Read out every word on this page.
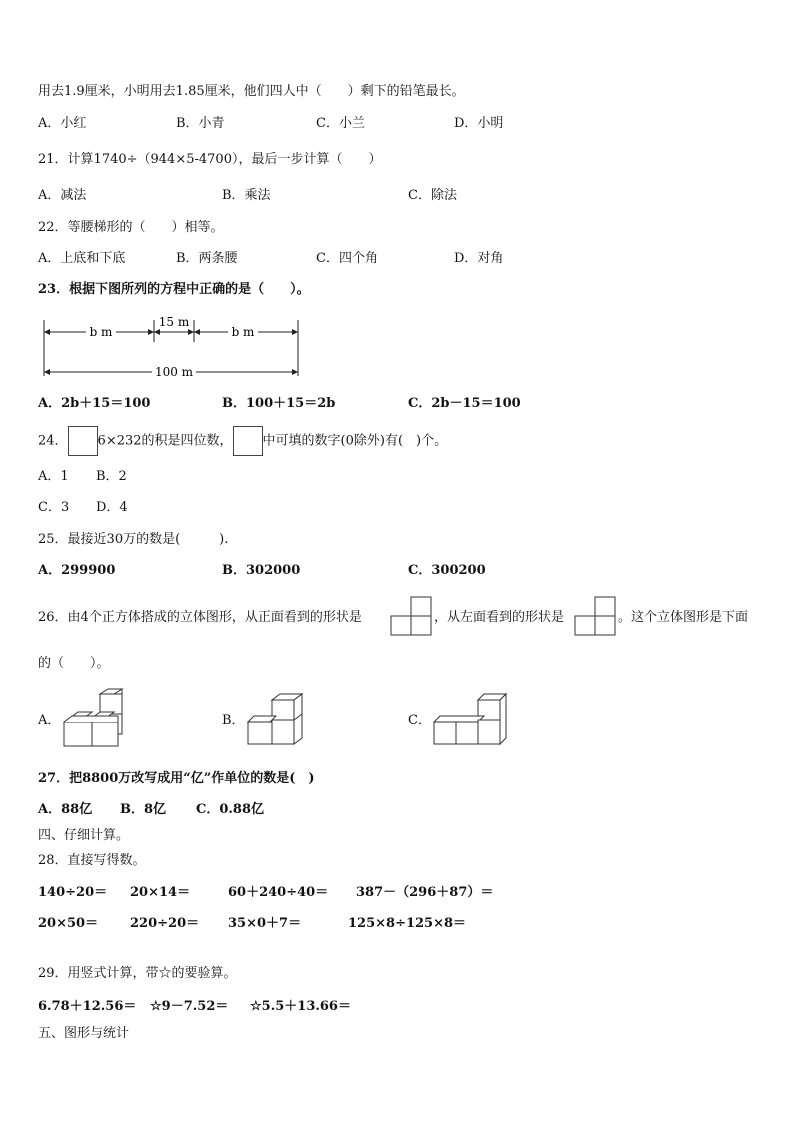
用去1.9厘米，小明用去1.85厘米，他们四人中（　　）剩下的铅笔最长。
A．小红	B．小青	C．小兰	D．小明
21．计算1740÷（944×5-4700），最后一步计算（　　）
A．减法	B．乘法	C．除法
22．等腰梯形的（　　）相等。
A．上底和下底	B．两条腰	C．四个角	D．对角
23．根据下图所列的方程中正确的是（　　）。
b m
15 m
b m
100 m
A．2b＋15＝100	B．100＋15＝2b	C．2b－15＝100
24． 6×232的积是四位数， 中可填的数字(0除外)有(　)个。
A．1 B．2
C．3 D．4
25．最接近30万的数是(　　　).
A．299900	B．302000	C．300200
26．由4个正方体搭成的立体图形，从正面看到的形状是	，从左面看到的形状是	。这个立体图形是下面
的（　　）。
A．	B．	C．
27．把8800万改写成用“亿”作单位的数是(　)
A．88亿 B．8亿 C．0.88亿
四、仔细计算。
28．直接写得数。
140÷20＝ 20×14＝	60＋240÷40＝ 387－（296＋87）＝
20×50＝ 220÷20＝ 35×0＋7＝	125×8÷125×8＝
29．用竖式计算，带☆的要验算。
6.78＋12.56＝ ☆9－7.52＝ ☆5.5＋13.66＝
五、图形与统计
